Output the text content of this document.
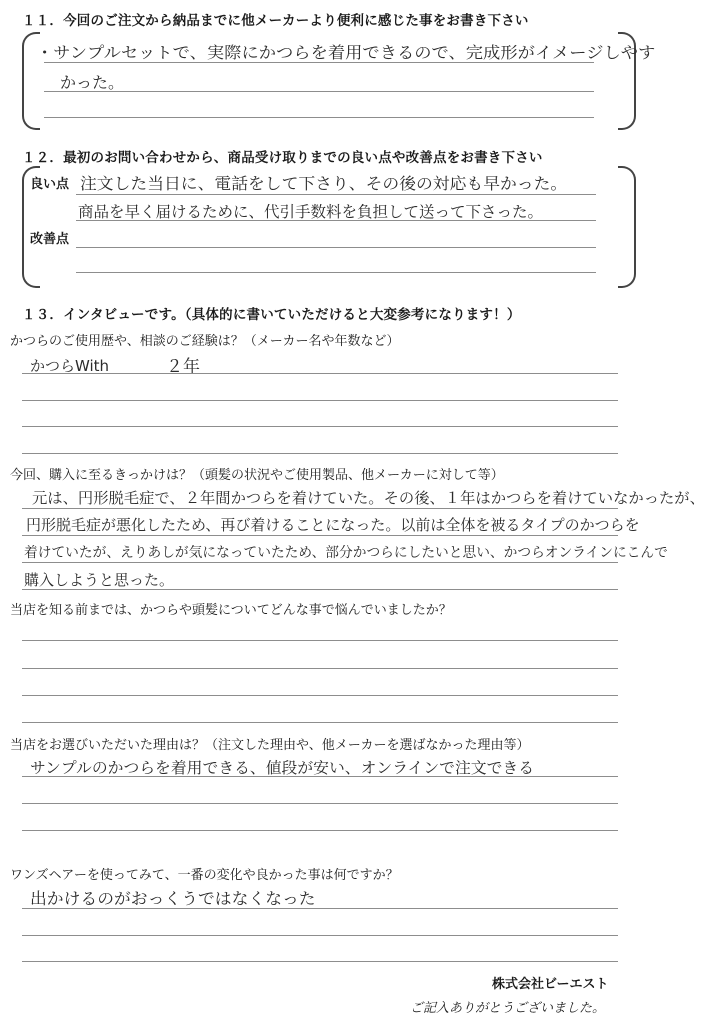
１１．今回のご注文から納品までに他メーカーより便利に感じた事をお書き下さい
・サンプルセットで、実際にかつらを着用できるので、完成形がイメージしやす
かった。
１２．最初のお問い合わせから、商品受け取りまでの良い点や改善点をお書き下さい
良い点
改善点
注文した当日に、電話をして下さり、その後の対応も早かった。
商品を早く届けるために、代引手数料を負担して送って下さった。
１３．インタビューです。（具体的に書いていただけると大変参考になります！）
かつらのご使用歴や、相談のご経験は？（メーカー名や年数など）
かつらWith	２年
今回、購入に至るきっかけは？（頭髪の状況やご使用製品、他メーカーに対して等）
元は、円形脱毛症で、２年間かつらを着けていた。その後、１年はかつらを着けていなかったが、
円形脱毛症が悪化したため、再び着けることになった。以前は全体を被るタイプのかつらを
着けていたが、えりあしが気になっていたため、部分かつらにしたいと思い、かつらオンラインにこんで
購入しようと思った。
当店を知る前までは、かつらや頭髪についてどんな事で悩んでいましたか？
当店をお選びいただいた理由は？（注文した理由や、他メーカーを選ばなかった理由等）
サンプルのかつらを着用できる、値段が安い、オンラインで注文できる
ワンズヘアーを使ってみて、一番の変化や良かった事は何ですか？
出かけるのがおっくうではなくなった
株式会社ビーエスト
ご記入ありがとうございました。
